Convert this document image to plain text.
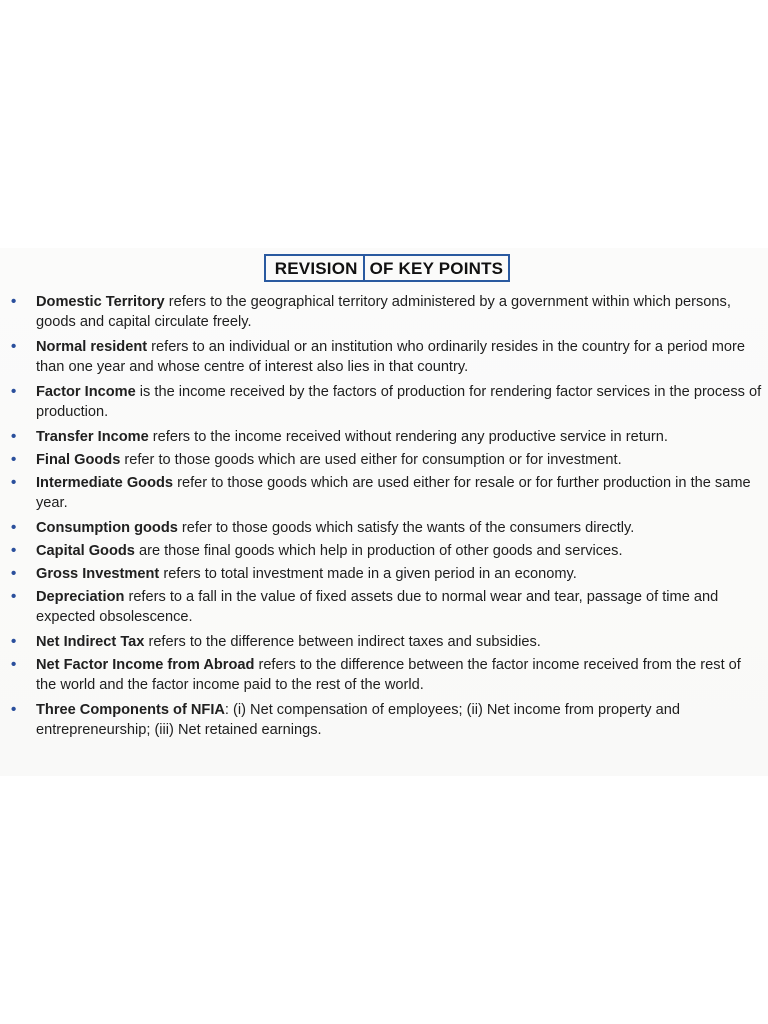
REVISION OF KEY POINTS
• Domestic Territory refers to the geographical territory administered by a government within which persons, goods and capital circulate freely.
• Normal resident refers to an individual or an institution who ordinarily resides in the country for a period more than one year and whose centre of interest also lies in that country.
• Factor Income is the income received by the factors of production for rendering factor services in the process of production.
• Transfer Income refers to the income received without rendering any productive service in return.
• Final Goods refer to those goods which are used either for consumption or for investment.
• Intermediate Goods refer to those goods which are used either for resale or for further production in the same year.
• Consumption goods refer to those goods which satisfy the wants of the consumers directly.
• Capital Goods are those final goods which help in production of other goods and services.
• Gross Investment refers to total investment made in a given period in an economy.
• Depreciation refers to a fall in the value of fixed assets due to normal wear and tear, passage of time and expected obsolescence.
• Net Indirect Tax refers to the difference between indirect taxes and subsidies.
• Net Factor Income from Abroad refers to the difference between the factor income received from the rest of the world and the factor income paid to the rest of the world.
• Three Components of NFIA: (i) Net compensation of employees; (ii) Net income from property and entrepreneurship; (iii) Net retained earnings.
